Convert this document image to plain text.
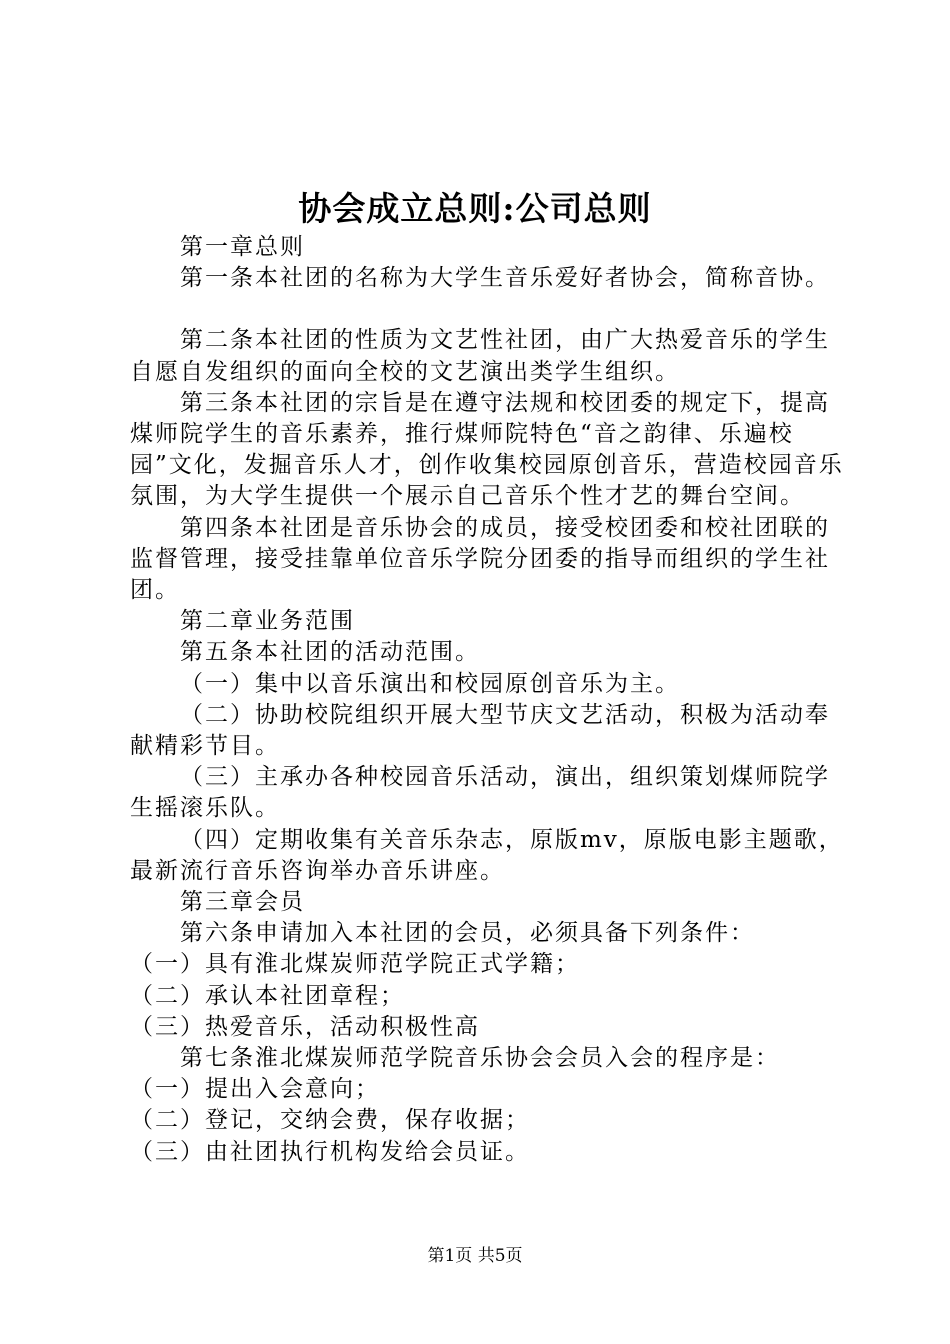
协会成立总则:公司总则

第一章总则

第一条本社团的名称为大学生音乐爱好者协会，简称音协。

第二条本社团的性质为文艺性社团，由广大热爱音乐的学生自愿自发组织的面向全校的文艺演出类学生组织。

第三条本社团的宗旨是在遵守法规和校团委的规定下，提高煤师院学生的音乐素养，推行煤师院特色“音之韵律、乐遍校园”文化，发掘音乐人才，创作收集校园原创音乐，营造校园音乐氛围，为大学生提供一个展示自己音乐个性才艺的舞台空间。

第四条本社团是音乐协会的成员，接受校团委和校社团联的监督管理，接受挂靠单位音乐学院分团委的指导而组织的学生社团。

第二章业务范围

第五条本社团的活动范围。

（一）集中以音乐演出和校园原创音乐为主。

（二）协助校院组织开展大型节庆文艺活动，积极为活动奉献精彩节目。

（三）主承办各种校园音乐活动，演出，组织策划煤师院学生摇滚乐队。

（四）定期收集有关音乐杂志，原版mv，原版电影主题歌，最新流行音乐咨询举办音乐讲座。

第三章会员

第六条申请加入本社团的会员，必须具备下列条件：

（一）具有淮北煤炭师范学院正式学籍；

（二）承认本社团章程；

（三）热爱音乐，活动积极性高

第七条淮北煤炭师范学院音乐协会会员入会的程序是：

（一）提出入会意向；

（二）登记，交纳会费，保存收据；

（三）由社团执行机构发给会员证。

第1页 共5页
